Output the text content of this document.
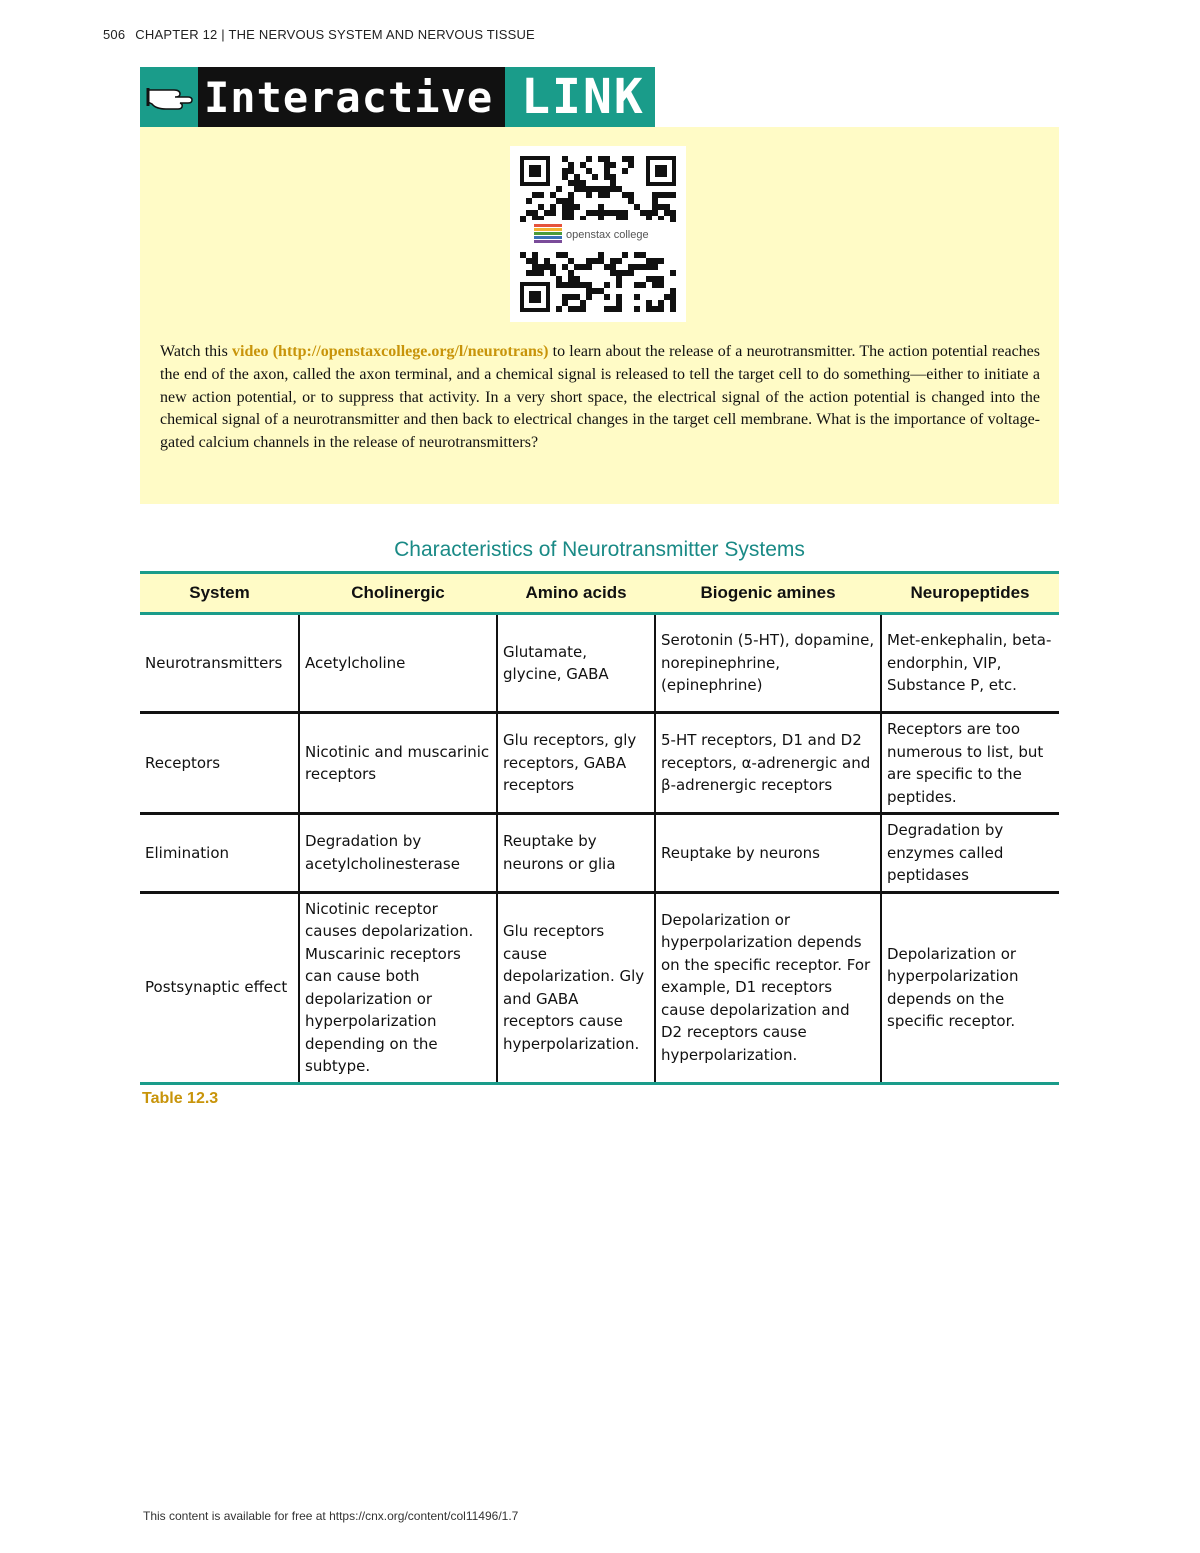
506 CHAPTER 12 | THE NERVOUS SYSTEM AND NERVOUS TISSUE
Interactive LINK
openstax college
Watch this video (http://openstaxcollege.org/l/neurotrans) to learn about the release of a neurotransmitter. The action potential reaches the end of the axon, called the axon terminal, and a chemical signal is released to tell the target cell to do something—either to initiate a new action potential, or to suppress that activity. In a very short space, the electrical signal of the action potential is changed into the chemical signal of a neurotransmitter and then back to electrical changes in the target cell membrane. What is the importance of voltage-gated calcium channels in the release of neurotransmitters?
Characteristics of Neurotransmitter Systems
System	Cholinergic	Amino acids	Biogenic amines	Neuropeptides
Neurotransmitters	Acetylcholine	Glutamate, glycine, GABA	Serotonin (5-HT), dopamine, norepinephrine, (epinephrine)	Met-enkephalin, beta-endorphin, VIP, Substance P, etc.
Receptors	Nicotinic and muscarinic receptors	Glu receptors, gly receptors, GABA receptors	5-HT receptors, D1 and D2 receptors, α-adrenergic and β-adrenergic receptors	Receptors are too numerous to list, but are specific to the peptides.
Elimination	Degradation by acetylcholinesterase	Reuptake by neurons or glia	Reuptake by neurons	Degradation by enzymes called peptidases
Postsynaptic effect	Nicotinic receptor causes depolarization. Muscarinic receptors can cause both depolarization or hyperpolarization depending on the subtype.	Glu receptors cause depolarization. Gly and GABA receptors cause hyperpolarization.	Depolarization or hyperpolarization depends on the specific receptor. For example, D1 receptors cause depolarization and D2 receptors cause hyperpolarization.	Depolarization or hyperpolarization depends on the specific receptor.
Table 12.3
This content is available for free at https://cnx.org/content/col11496/1.7
